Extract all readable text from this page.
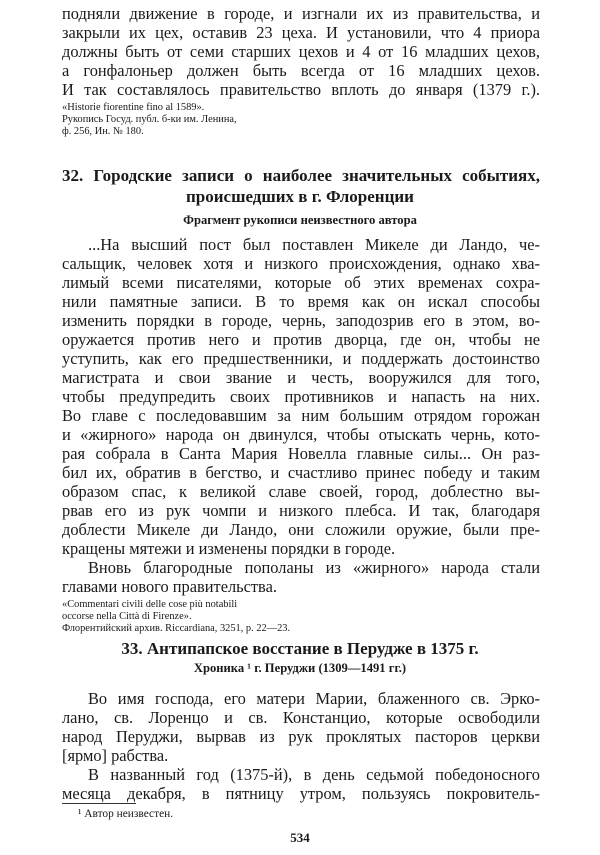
подняли движение в городе, и изгнали их из правительства, и
закрыли их цех, оставив 23 цеха. И установили, что 4 приора
должны быть от семи старших цехов и 4 от 16 младших цехов,
а гонфалоньер должен быть всегда от 16 младших цехов.
И так составлялось правительство вплоть до января (1379 г.).
«Historie fiorentine fino al 1589».
Рукопись Госуд. публ. б-ки им. Ленина,
ф. 256, Ин. № 180.
32. Городские записи о наиболее значительных событиях,
происшедших в г. Флоренции
Фрагмент рукописи неизвестного автора
...На высший пост был поставлен Микеле ди Ландо, че-
сальщик, человек хотя и низкого происхождения, однако хва-
лимый всеми писателями, которые об этих временах сохра-
нили памятные записи. В то время как он искал способы
изменить порядки в городе, чернь, заподозрив его в этом, во-
оружается против него и против дворца, где он, чтобы не
уступить, как его предшественники, и поддержать достоинство
магистрата и свои звание и честь, вооружился для того,
чтобы предупредить своих противников и напасть на них.
Во главе с последовавшим за ним большим отрядом горожан
и «жирного» народа он двинулся, чтобы отыскать чернь, кото-
рая собрала в Санта Мария Новелла главные силы... Он раз-
бил их, обратив в бегство, и счастливо принес победу и таким
образом спас, к великой славе своей, город, доблестно вы-
рвав его из рук чомпи и низкого плебса. И так, благодаря
доблести Микеле ди Ландо, они сложили оружие, были пре-
кращены мятежи и изменены порядки в городе.
Вновь благородные пополаны из «жирного» народа стали
главами нового правительства.
«Commentari civili delle cose più notabili
occorse nella Città di Firenze».
Флорентийский архив. Riccardiana, 3251, p. 22—23.
33. Антипапское восстание в Перудже в 1375 г.
Хроника ¹ г. Перуджи (1309—1491 гг.)
Во имя господа, его матери Марии, блаженного св. Эрко-
лано, св. Лоренцо и св. Констанцио, которые освободили
народ Перуджи, вырвав из рук проклятых пасторов церкви
[ярмо] рабства.
В названный год (1375-й), в день седьмой победоносного
месяца декабря, в пятницу утром, пользуясь покровитель-
¹ Автор неизвестен.
534
